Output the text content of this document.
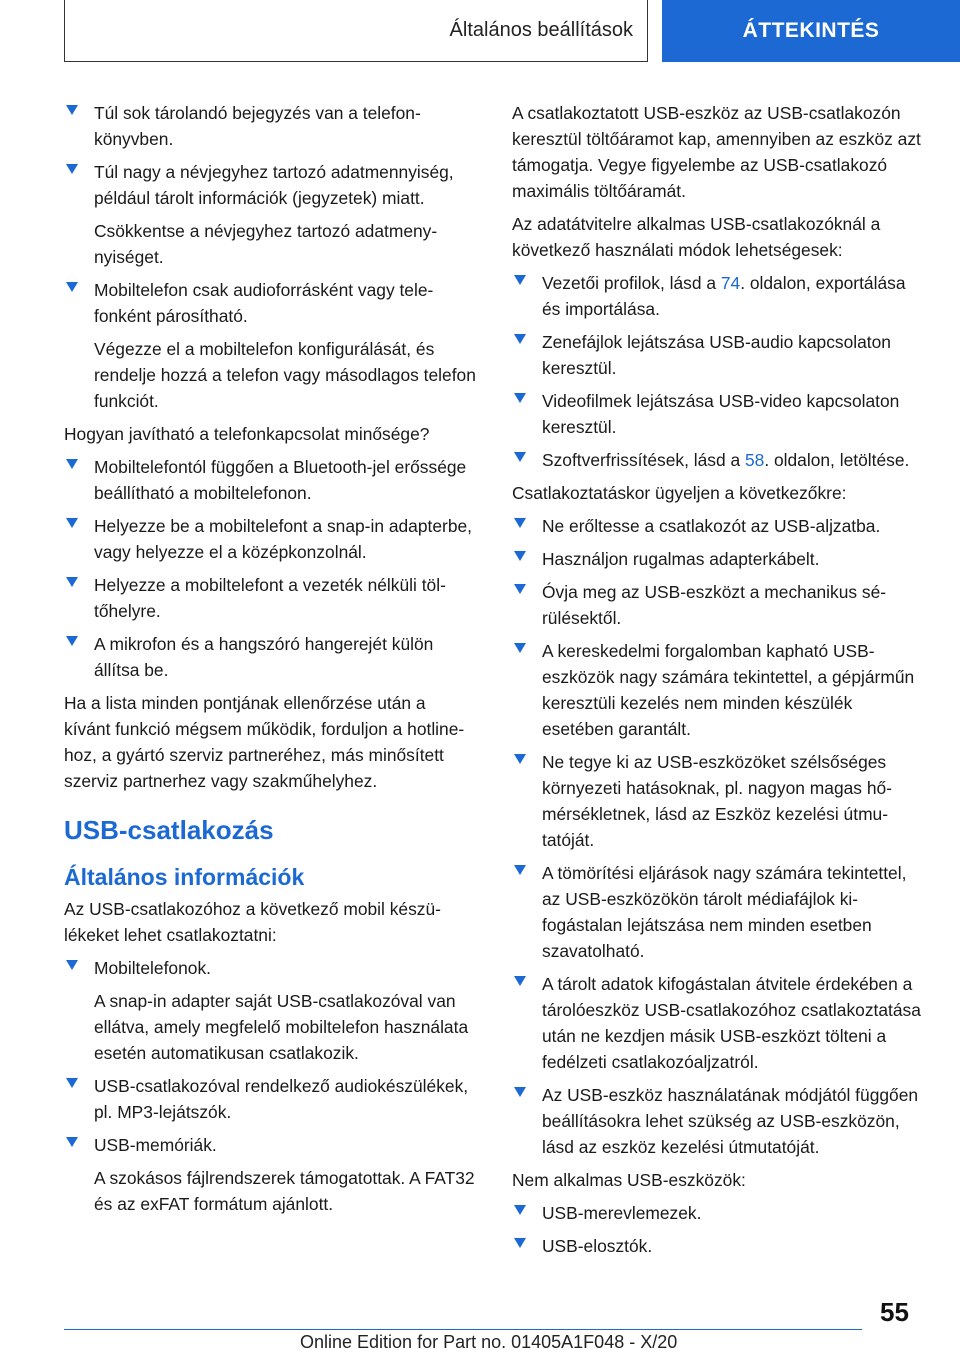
Általános beállítások	ÁTTEKINTÉS
Túl sok tárolandó bejegyzés van a telefonkönyvben.
Túl nagy a névjegyhez tartozó adatmennyiség, például tárolt információk (jegyzetek) miatt.
Csökkentse a névjegyhez tartozó adatmenynyiséget.
Mobiltelefon csak audioforrásként vagy telefonként párosítható.
Végezze el a mobiltelefon konfigurálását, és rendelje hozzá a telefon vagy másodlagos telefon funkciót.
Hogyan javítható a telefonkapcsolat minősége?
Mobiltelefontól függően a Bluetooth-jel erőssége beállítható a mobiltelefonon.
Helyezze be a mobiltelefont a snap-in adapterbe, vagy helyezze el a középkonzolnál.
Helyezze a mobiltelefont a vezeték nélküli töltőhelyre.
A mikrofon és a hangszóró hangerejét külön állítsa be.
Ha a lista minden pontjának ellenőrzése után a kívánt funkció mégsem működik, forduljon a hotline-hoz, a gyártó szerviz partneréhez, más minősített szerviz partnerhez vagy szakműhelyhez.
USB-csatlakozás
Általános információk
Az USB-csatlakozóhoz a következő mobil készülékeket lehet csatlakoztatni:
Mobiltelefonok.
A snap-in adapter saját USB-csatlakozóval van ellátva, amely megfelelő mobiltelefon használata esetén automatikusan csatlakozik.
USB-csatlakozóval rendelkező audiokészülékek, pl. MP3-lejátszók.
USB-memóriák.
A szokásos fájlrendszerek támogatottak. A FAT32 és az exFAT formátum ajánlott.
A csatlakoztatott USB-eszköz az USB-csatlakozón keresztül töltőáramot kap, amennyiben az eszköz azt támogatja. Vegye figyelembe az USB-csatlakozó maximális töltőáramát.
Az adatátvitelre alkalmas USB-csatlakozóknál a következő használati módok lehetségesek:
Vezetői profilok, lásd a 74. oldalon, exportálása és importálása.
Zenefájlok lejátszása USB-audio kapcsolaton keresztül.
Videofilmek lejátszása USB-video kapcsolaton keresztül.
Szoftverfrissítések, lásd a 58. oldalon, letöltése.
Csatlakoztatáskor ügyeljen a következőkre:
Ne erőltesse a csatlakozót az USB-aljzatba.
Használjon rugalmas adapterkábelt.
Óvja meg az USB-eszközt a mechanikus sérülésektől.
A kereskedelmi forgalomban kapható USB-eszközök nagy számára tekintettel, a gépjárműn keresztüli kezelés nem minden készülék esetében garantált.
Ne tegye ki az USB-eszközöket szélsőséges környezeti hatásoknak, pl. nagyon magas hőmérsékletnek, lásd az Eszköz kezelési útmutatóját.
A tömörítési eljárások nagy számára tekintettel, az USB-eszközökön tárolt médiafájlok kifogástalan lejátszása nem minden esetben szavatolható.
A tárolt adatok kifogástalan átvitele érdekében a tárolóeszköz USB-csatlakozóhoz csatlakoztatása után ne kezdjen másik USB-eszközt tölteni a fedélzeti csatlakozóaljzatról.
Az USB-eszköz használatának módjától függően beállításokra lehet szükség az USB-eszközön, lásd az eszköz kezelési útmutatóját.
Nem alkalmas USB-eszközök:
USB-merevlemezek.
USB-elosztók.
55
Online Edition for Part no. 01405A1F048 - X/20
